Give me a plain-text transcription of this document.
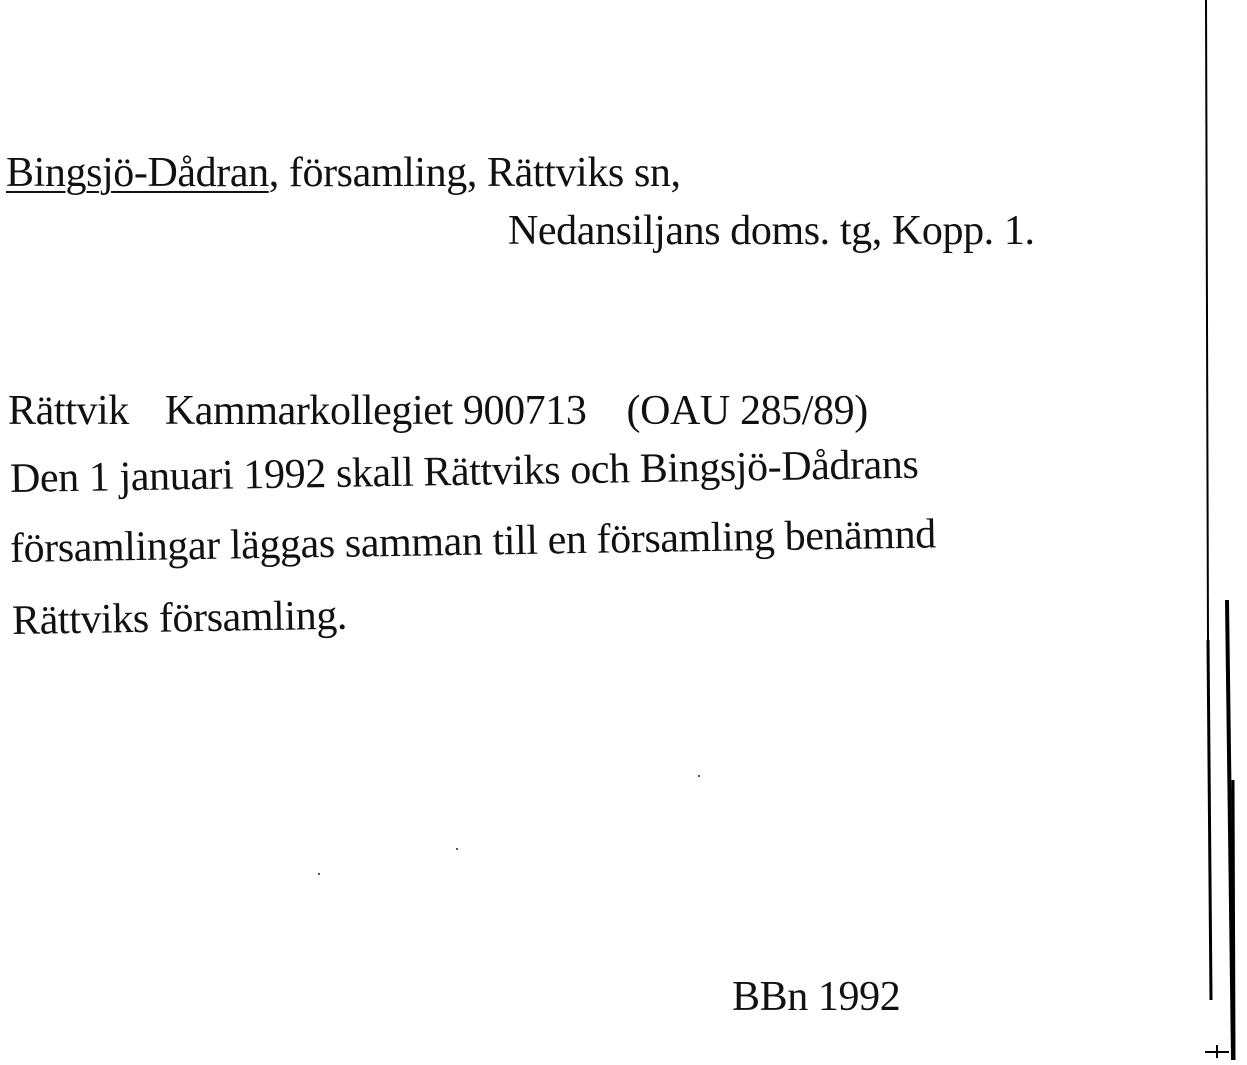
Bingsjö-Dådran, församling, Rättviks sn,
Nedansiljans doms. tg, Kopp. 1.
Rättvik Kammarkollegiet 900713 (OAU 285/89)
Den 1 januari 1992 skall Rättviks och Bingsjö-Dådrans
församlingar läggas samman till en församling benämnd
Rättviks församling.
BBn 1992
